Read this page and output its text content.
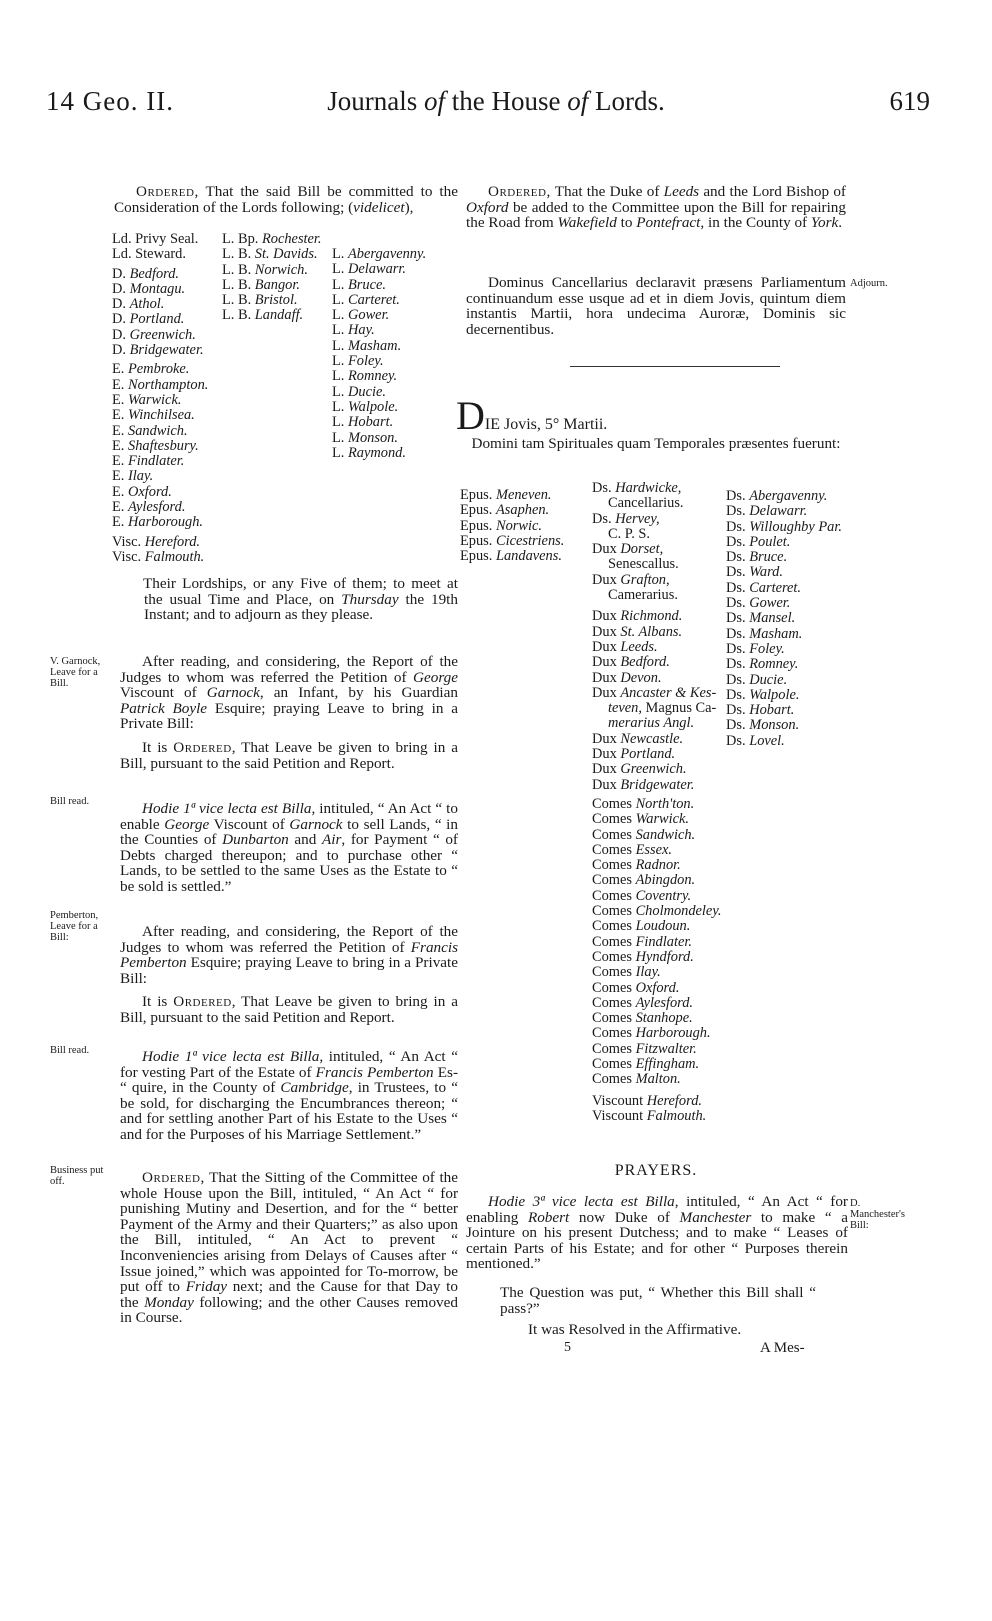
14 Geo. II.	Journals of the House of Lords.	619
Ordered, That the said Bill be committed to the Consideration of the Lords following; (videlicet),
Ld. Privy Seal.
Ld. Steward.
D. Bedford.
D. Montagu.
D. Athol.
D. Portland.
D. Greenwich.
D. Bridgewater.
E. Pembroke.
E. Northampton.
E. Warwick.
E. Winchilsea.
E. Sandwich.
E. Shaftesbury.
E. Findlater.
E. Ilay.
E. Oxford.
E. Aylesford.
E. Harborough.
Visc. Hereford.
Visc. Falmouth.
L. Bp. Rochester.
L. B. St. Davids.
L. B. Norwich.
L. B. Bangor.
L. B. Bristol.
L. B. Landaff.
L. Abergavenny.
L. Delawarr.
L. Bruce.
L. Carteret.
L. Gower.
L. Hay.
L. Masham.
L. Foley.
L. Romney.
L. Ducie.
L. Walpole.
L. Hobart.
L. Monson.
L. Raymond.
Their Lordships, or any Five of them; to meet at the usual Time and Place, on Thursday the 19th Instant; and to adjourn as they please.
V. Garnock, Leave for a Bill.
After reading, and considering, the Report of the Judges to whom was referred the Petition of George Viscount of Garnock, an Infant, by his Guardian Patrick Boyle Esquire; praying Leave to bring in a Private Bill:
It is Ordered, That Leave be given to bring in a Bill, pursuant to the said Petition and Report.
Bill read.	Hodie 1ª vice lecta est Billa, intituled, “ An Act “ to enable George Viscount of Garnock to sell Lands, “ in the Counties of Dunbarton and Air, for Payment “ of Debts charged thereupon; and to purchase other “ Lands, to be settled to the same Uses as the Estate to “ be sold is settled.”
Pemberton, Leave for a Bill:	After reading, and considering, the Report of the Judges to whom was referred the Petition of Francis Pemberton Esquire; praying Leave to bring in a Private Bill:
It is Ordered, That Leave be given to bring in a Bill, pursuant to the said Petition and Report.
Bill read.	Hodie 1ª vice lecta est Billa, intituled, “ An Act “ for vesting Part of the Estate of Francis Pemberton Es- “ quire, in the County of Cambridge, in Trustees, to “ be sold, for discharging the Encumbrances thereon; “ and for settling another Part of his Estate to the Uses “ and for the Purposes of his Marriage Settlement.”
Business put off.	Ordered, That the Sitting of the Committee of the whole House upon the Bill, intituled, “ An Act “ for punishing Mutiny and Desertion, and for the “ better Payment of the Army and their Quarters;” as also upon the Bill, intituled, “ An Act to prevent “ Inconveniencies arising from Delays of Causes after “ Issue joined,” which was appointed for To-morrow, be put off to Friday next; and the Cause for that Day to the Monday following; and the other Causes removed in Course.
Ordered, That the Duke of Leeds and the Lord Bishop of Oxford be added to the Committee upon the Bill for repairing the Road from Wakefield to Pontefract, in the County of York.
Dominus Cancellarius declaravit præsens Parliamentum continuandum esse usque ad et in diem Jovis, quintum diem instantis Martii, hora undecima Auroræ, Dominis sic decernentibus.
Adjourn.
DIE Jovis, 5° Martii.
Domini tam Spirituales quam Temporales præsentes fuerunt:
Epus. Meneven.
Epus. Asaphen.
Epus. Norwic.
Epus. Cicestriens.
Epus. Landavens.
Ds. Hardwicke,
Cancellarius.
Ds. Hervey,
C. P. S.
Dux Dorset,
Senescallus.
Dux Grafton,
Camerarius.
Dux Richmond.
Dux St. Albans.
Dux Leeds.
Dux Bedford.
Dux Devon.
Dux Ancaster & Kes-
teven, Magnus Ca-
merarius Angl.
Dux Newcastle.
Dux Portland.
Dux Greenwich.
Dux Bridgewater.
Comes North'ton.
Comes Warwick.
Comes Sandwich.
Comes Essex.
Comes Radnor.
Comes Abingdon.
Comes Coventry.
Comes Cholmondeley.
Comes Loudoun.
Comes Findlater.
Comes Hyndford.
Comes Ilay.
Comes Oxford.
Comes Aylesford.
Comes Stanhope.
Comes Harborough.
Comes Fitzwalter.
Comes Effingham.
Comes Malton.
Viscount Hereford.
Viscount Falmouth.
Ds. Abergavenny.
Ds. Delawarr.
Ds. Willoughby Par.
Ds. Poulet.
Ds. Bruce.
Ds. Ward.
Ds. Carteret.
Ds. Gower.
Ds. Mansel.
Ds. Masham.
Ds. Foley.
Ds. Romney.
Ds. Ducie.
Ds. Walpole.
Ds. Hobart.
Ds. Monson.
Ds. Lovel.
PRAYERS.
Hodie 3ª vice lecta est Billa, intituled, “ An Act “ for enabling Robert now Duke of Manchester to make “ a Jointure on his present Dutchess; and to make “ Leases of certain Parts of his Estate; and for other “ Purposes therein mentioned.”
D. Manchester's Bill:
The Question was put, “ Whether this Bill shall “ pass?”
It was Resolved in the Affirmative.
5	A Mes-
